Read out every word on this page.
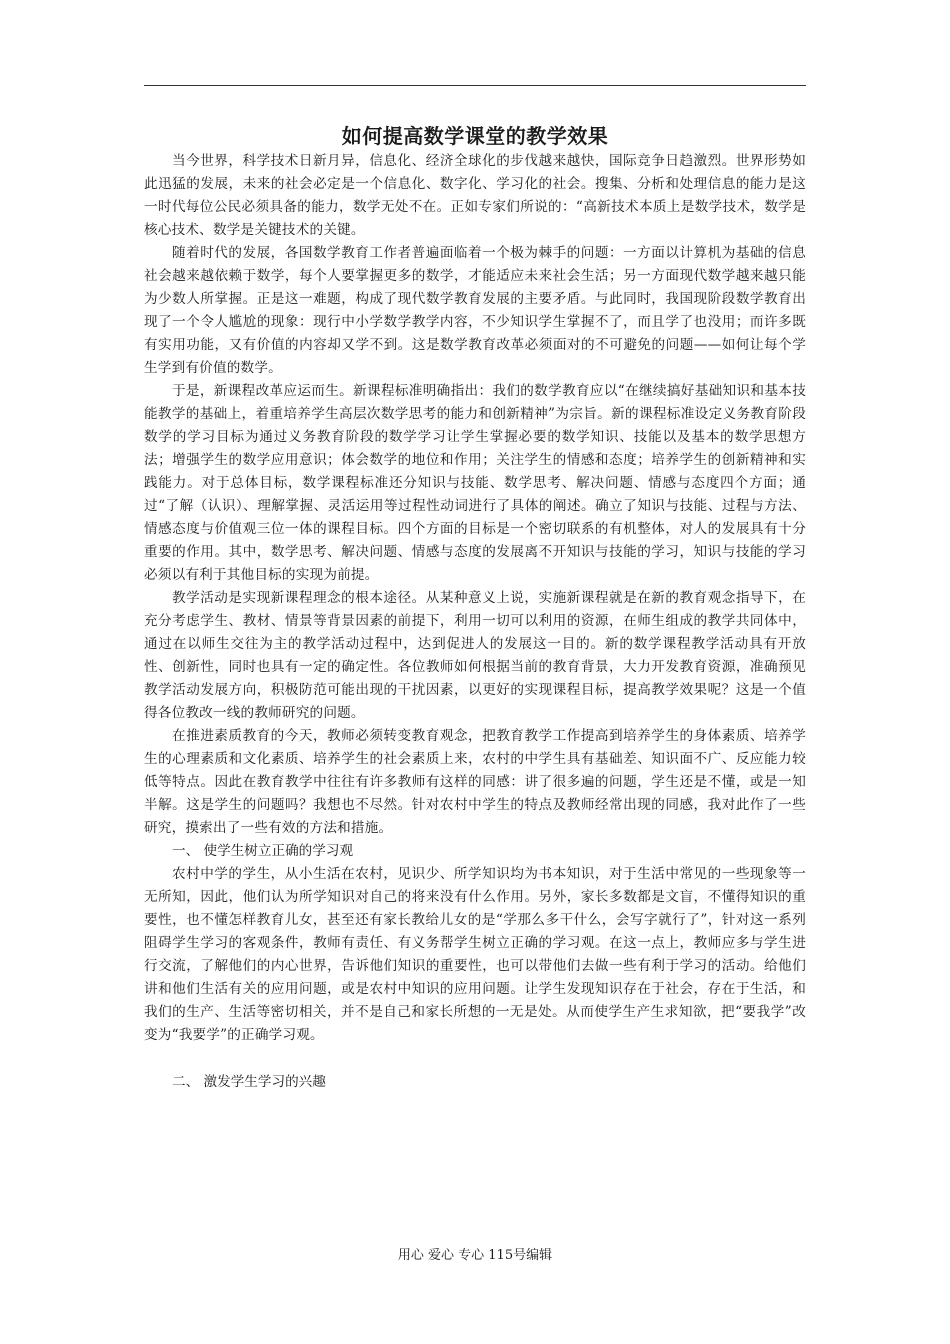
如何提高数学课堂的教学效果

当今世界，科学技术日新月异，信息化、经济全球化的步伐越来越快，国际竞争日趋激烈。世界形势如此迅猛的发展，未来的社会必定是一个信息化、数字化、学习化的社会。搜集、分析和处理信息的能力是这一时代每位公民必须具备的能力，数学无处不在。正如专家们所说的：“高新技术本质上是数学技术，数学是核心技术、数学是关键技术的关键。

随着时代的发展，各国数学教育工作者普遍面临着一个极为棘手的问题：一方面以计算机为基础的信息社会越来越依赖于数学，每个人要掌握更多的数学，才能适应未来社会生活；另一方面现代数学越来越只能为少数人所掌握。正是这一难题，构成了现代数学教育发展的主要矛盾。与此同时，我国现阶段数学教育出现了一个令人尴尬的现象：现行中小学数学教学内容，不少知识学生掌握不了，而且学了也没用；而许多既有实用功能，又有价值的内容却又学不到。这是数学教育改革必须面对的不可避免的问题——如何让每个学生学到有价值的数学。

于是，新课程改革应运而生。新课程标准明确指出：我们的数学教育应以“在继续搞好基础知识和基本技能教学的基础上，着重培养学生高层次数学思考的能力和创新精神”为宗旨。新的课程标准设定义务教育阶段数学的学习目标为通过义务教育阶段的数学学习让学生掌握必要的数学知识、技能以及基本的数学思想方法；增强学生的数学应用意识；体会数学的地位和作用；关注学生的情感和态度；培养学生的创新精神和实践能力。对于总体目标，数学课程标准还分知识与技能、数学思考、解决问题、情感与态度四个方面；通过“了解（认识）、理解掌握、灵活运用等过程性动词进行了具体的阐述。确立了知识与技能、过程与方法、情感态度与价值观三位一体的课程目标。四个方面的目标是一个密切联系的有机整体，对人的发展具有十分重要的作用。其中，数学思考、解决问题、情感与态度的发展离不开知识与技能的学习，知识与技能的学习必须以有利于其他目标的实现为前提。

教学活动是实现新课程理念的根本途径。从某种意义上说，实施新课程就是在新的教育观念指导下，在充分考虑学生、教材、情景等背景因素的前提下，利用一切可以利用的资源，在师生组成的教学共同体中，通过在以师生交往为主的教学活动过程中，达到促进人的发展这一目的。新的数学课程教学活动具有开放性、创新性，同时也具有一定的确定性。各位教师如何根据当前的教育背景，大力开发教育资源，准确预见教学活动发展方向，积极防范可能出现的干扰因素，以更好的实现课程目标，提高教学效果呢？这是一个值得各位教改一线的教师研究的问题。

在推进素质教育的今天，教师必须转变教育观念，把教育教学工作提高到培养学生的身体素质、培养学生的心理素质和文化素质、培养学生的社会素质上来，农村的中学生具有基础差、知识面不广、反应能力较低等特点。因此在教育教学中往往有许多教师有这样的同感：讲了很多遍的问题，学生还是不懂，或是一知半解。这是学生的问题吗？我想也不尽然。针对农村中学生的特点及教师经常出现的同感，我对此作了一些研究，摸索出了一些有效的方法和措施。

一、 使学生树立正确的学习观

农村中学的学生，从小生活在农村，见识少、所学知识均为书本知识，对于生活中常见的一些现象等一无所知，因此，他们认为所学知识对自己的将来没有什么作用。另外，家长多数都是文盲，不懂得知识的重要性，也不懂怎样教育儿女，甚至还有家长教给儿女的是“学那么多干什么，会写字就行了”，针对这一系列阻碍学生学习的客观条件，教师有责任、有义务帮学生树立正确的学习观。在这一点上，教师应多与学生进行交流，了解他们的内心世界，告诉他们知识的重要性，也可以带他们去做一些有利于学习的活动。给他们讲和他们生活有关的应用问题，或是农村中知识的应用问题。让学生发现知识存在于社会，存在于生活，和我们的生产、生活等密切相关，并不是自己和家长所想的一无是处。从而使学生产生求知欲，把“要我学”改变为“我要学”的正确学习观。

二、 激发学生学习的兴趣

用心 爱心 专心 115号编辑
